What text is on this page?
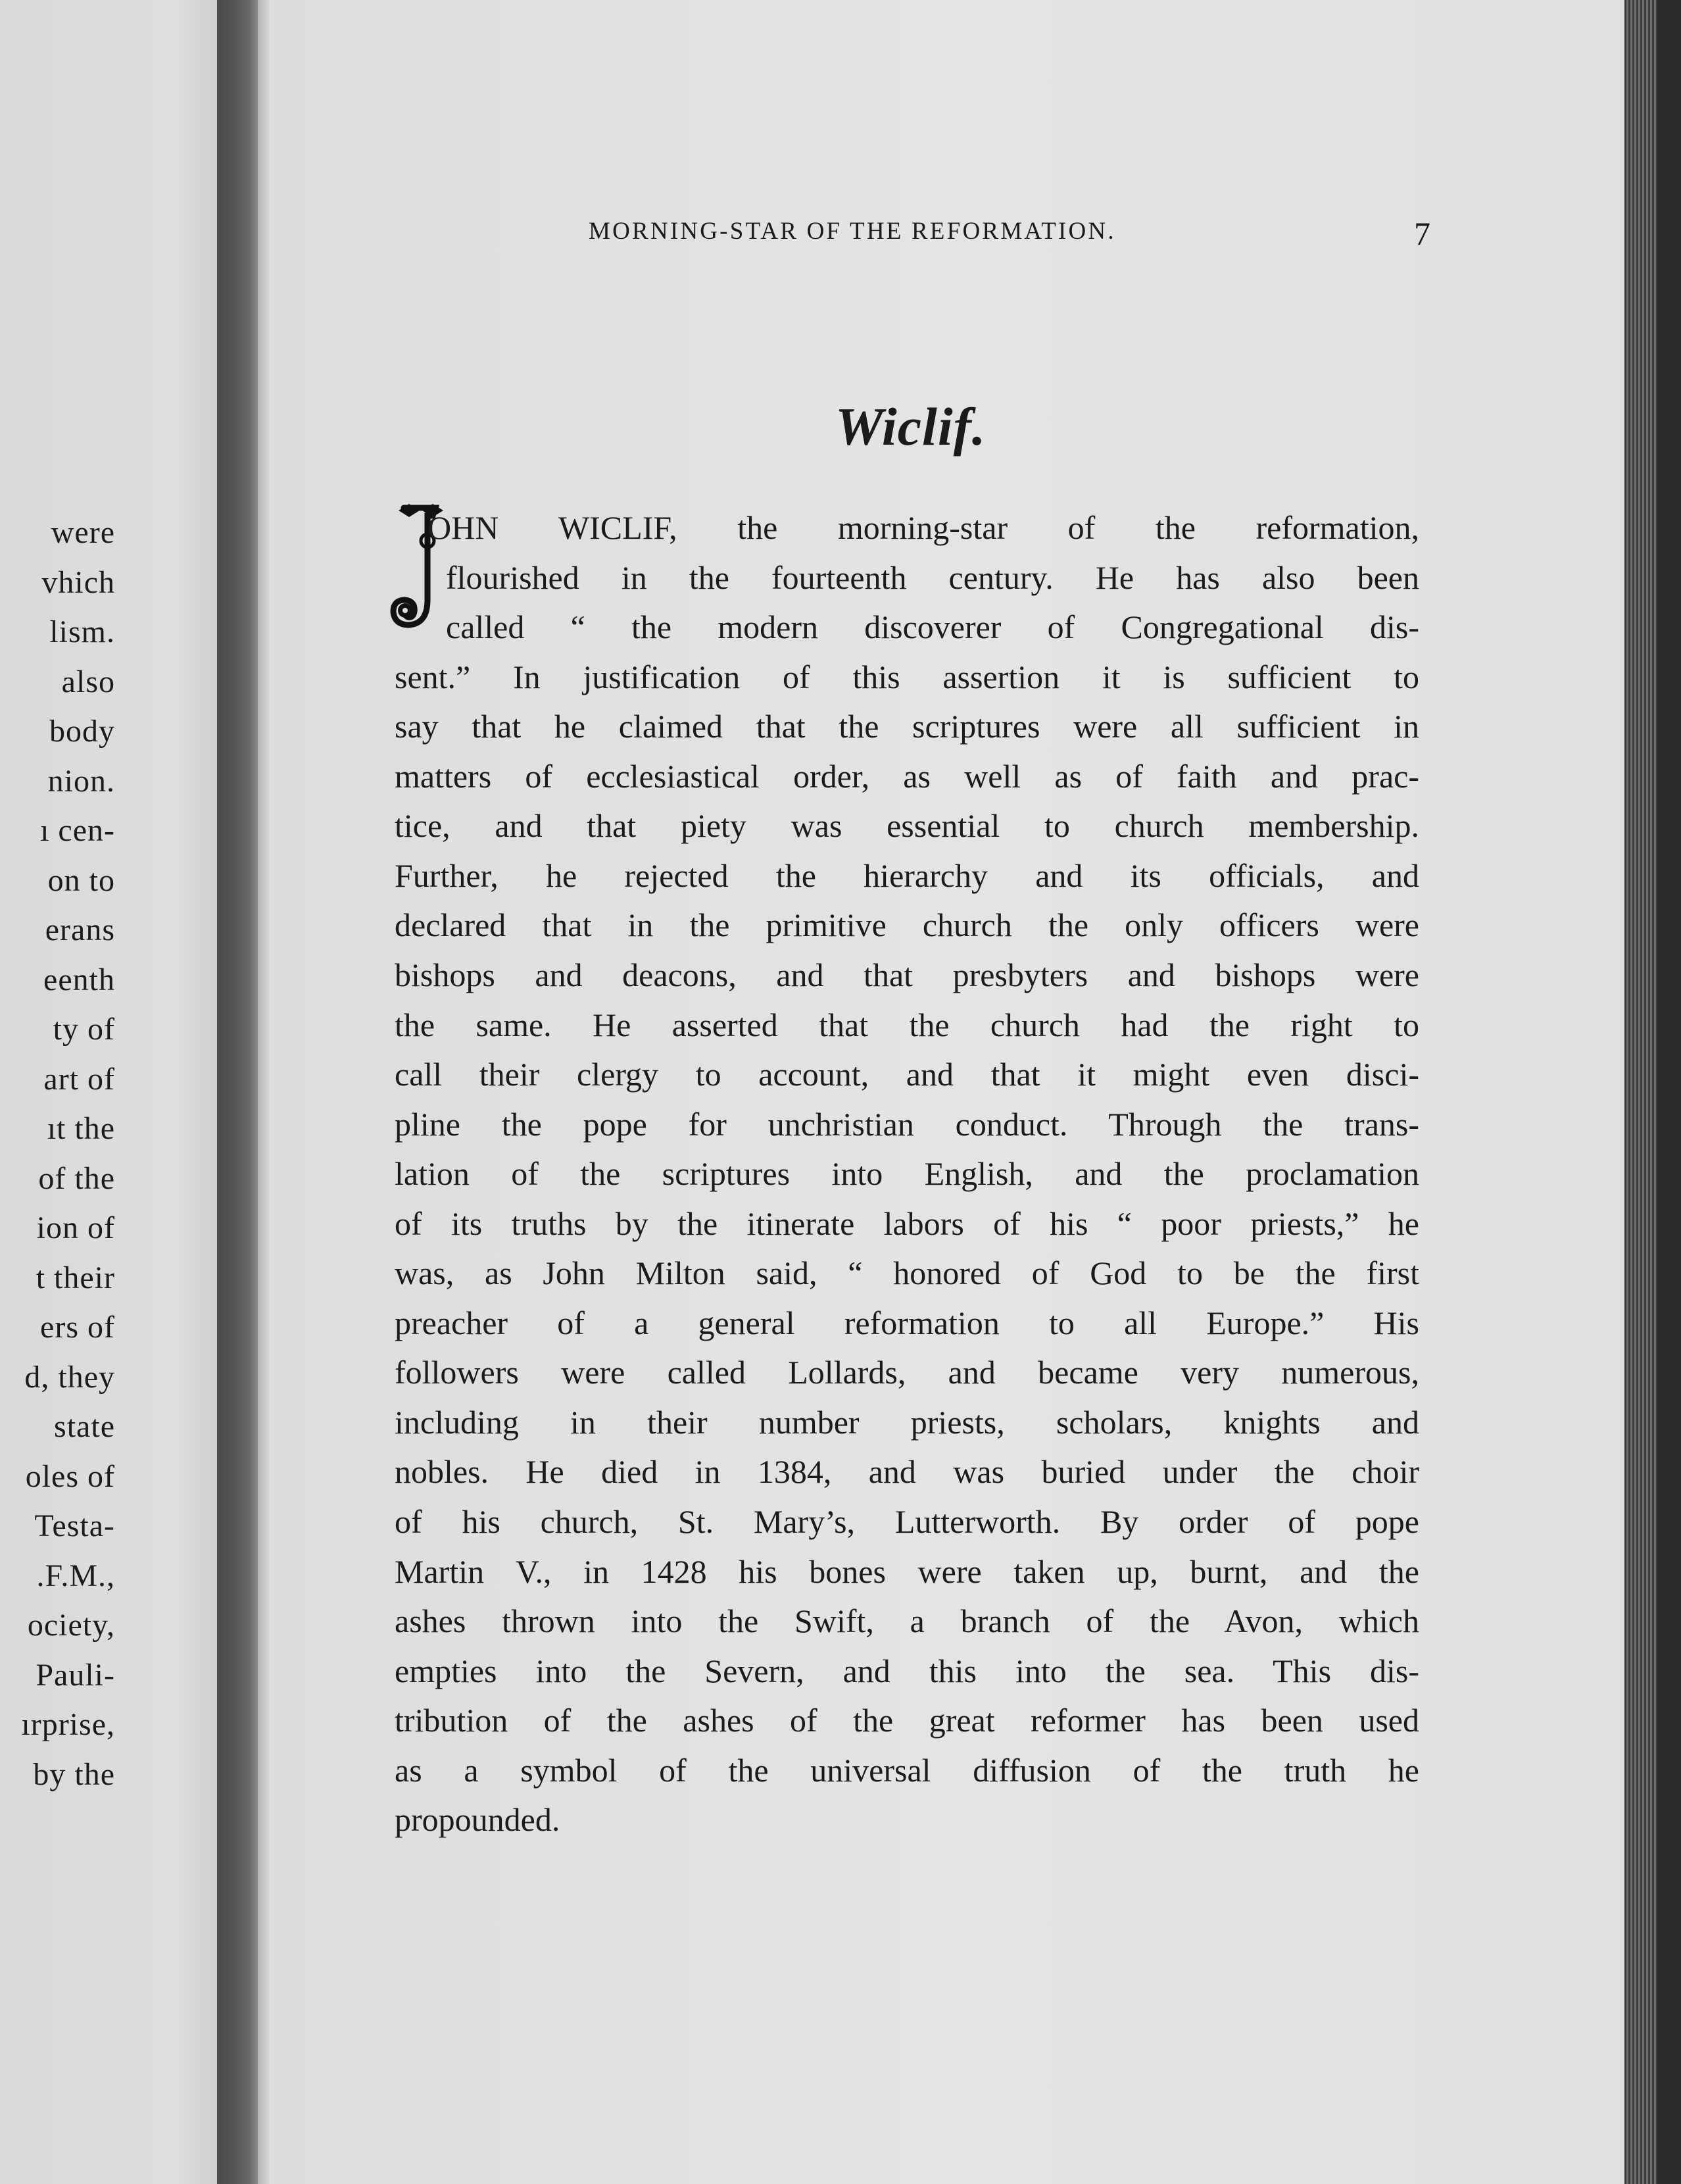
were
vhich
lism.
also
body
nion.
ı cen-
on to
erans
eenth
ty of
art of
ıt the
of the
ion of
t their
ers of
d, they
state
oles of
Testa-
.F.M.,
ociety,
Pauli-
ırprise,
by the
MORNING-STAR OF THE REFORMATION.	7
Wiclif.
OHN WICLIF, the morning-star of the reformation,
flourished in the fourteenth century. He has also been
called “ the modern discoverer of Congregational dis-
sent.” In justification of this assertion it is sufficient to
say that he claimed that the scriptures were all sufficient in
matters of ecclesiastical order, as well as of faith and prac-
tice, and that piety was essential to church membership.
Further, he rejected the hierarchy and its officials, and
declared that in the primitive church the only officers were
bishops and deacons, and that presbyters and bishops were
the same. He asserted that the church had the right to
call their clergy to account, and that it might even disci-
pline the pope for unchristian conduct. Through the trans-
lation of the scriptures into English, and the proclamation
of its truths by the itinerate labors of his “ poor priests,” he
was, as John Milton said, “ honored of God to be the first
preacher of a general reformation to all Europe.” His
followers were called Lollards, and became very numerous,
including in their number priests, scholars, knights and
nobles. He died in 1384, and was buried under the choir
of his church, St. Mary’s, Lutterworth. By order of pope
Martin V., in 1428 his bones were taken up, burnt, and the
ashes thrown into the Swift, a branch of the Avon, which
empties into the Severn, and this into the sea. This dis-
tribution of the ashes of the great reformer has been used
as a symbol of the universal diffusion of the truth he
propounded.
